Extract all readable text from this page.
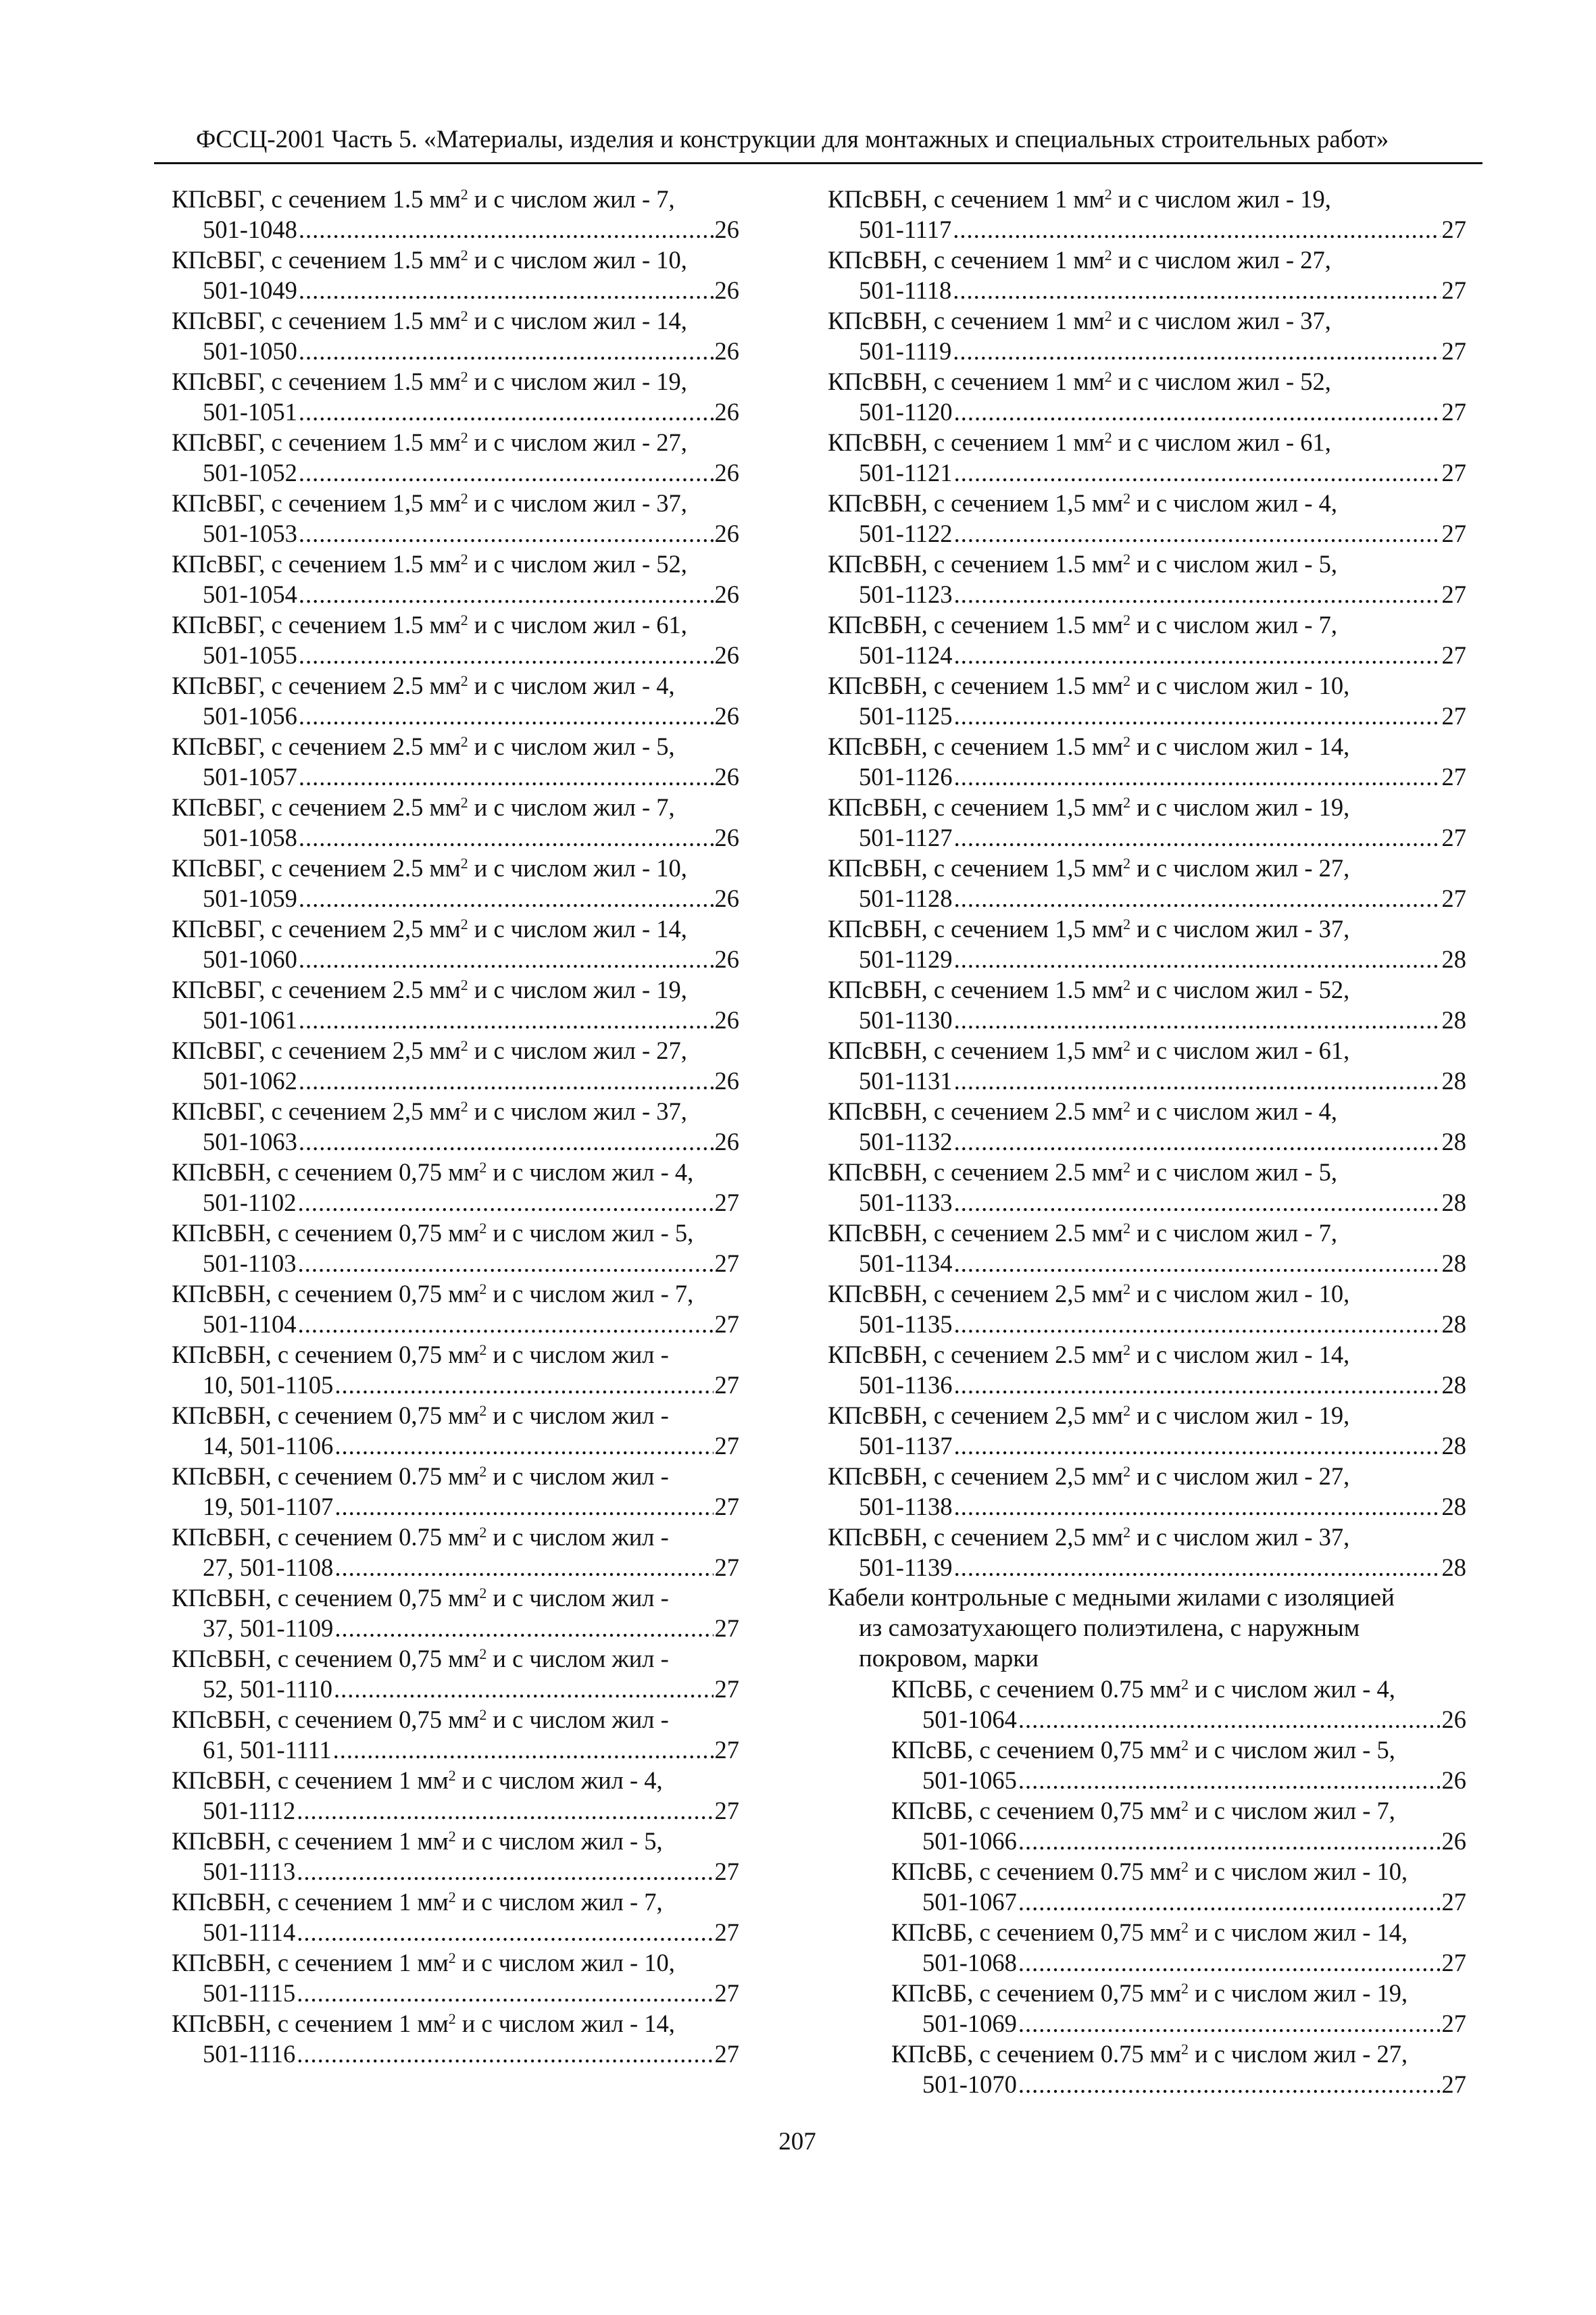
ФССЦ-2001 Часть 5. «Материалы, изделия и конструкции для монтажных и специальных строительных работ»
КПсВБГ, с сечением 1.5 $мм^2$ и с числом жил - 7,
501-1048 .....	26
КПсВБГ, с сечением 1.5 $мм^2$ и с числом жил - 10,
501-1049 .....	26
КПсВБГ, с сечением 1.5 $мм^2$ и с числом жил - 14,
501-1050 .....	26
КПсВБГ, с сечением 1.5 $мм^2$ и с числом жил - 19,
501-1051 .....	26
КПсВБГ, с сечением 1.5 $мм^2$ и с числом жил - 27,
501-1052 .....	26
КПсВБГ, с сечением 1,5 $мм^2$ и с числом жил - 37,
501-1053 .....	26
КПсВБГ, с сечением 1.5 $мм^2$ и с числом жил - 52,
501-1054 .....	26
КПсВБГ, с сечением 1.5 $мм^2$ и с числом жил - 61,
501-1055 .....	26
КПсВБГ, с сечением 2.5 $мм^2$ и с числом жил - 4,
501-1056 .....	26
КПсВБГ, с сечением 2.5 $мм^2$ и с числом жил - 5,
501-1057 .....	26
КПсВБГ, с сечением 2.5 $мм^2$ и с числом жил - 7,
501-1058 .....	26
КПсВБГ, с сечением 2.5 $мм^2$ и с числом жил - 10,
501-1059 .....	26
КПсВБГ, с сечением 2,5 $мм^2$ и с числом жил - 14,
501-1060 .....	26
КПсВБГ, с сечением 2.5 $мм^2$ и с числом жил - 19,
501-1061 .....	26
КПсВБГ, с сечением 2,5 $мм^2$ и с числом жил - 27,
501-1062 .....	26
КПсВБГ, с сечением 2,5 $мм^2$ и с числом жил - 37,
501-1063 .....	26
КПсВБН, с сечением 0,75 $мм^2$ и с числом жил - 4,
501-1102 .....	27
КПсВБН, с сечением 0,75 $мм^2$ и с числом жил - 5,
501-1103 .....	27
КПсВБН, с сечением 0,75 $мм^2$ и с числом жил - 7,
501-1104 .....	27
КПсВБН, с сечением 0,75 $мм^2$ и с числом жил -
10, 501-1105 .....	27
КПсВБН, с сечением 0,75 $мм^2$ и с числом жил -
14, 501-1106 .....	27
КПсВБН, с сечением 0.75 $мм^2$ и с числом жил -
19, 501-1107 .....	27
КПсВБН, с сечением 0.75 $мм^2$ и с числом жил -
27, 501-1108 .....	27
КПсВБН, с сечением 0,75 $мм^2$ и с числом жил -
37, 501-1109 .....	27
КПсВБН, с сечением 0,75 $мм^2$ и с числом жил -
52, 501-1110 .....	27
КПсВБН, с сечением 0,75 $мм^2$ и с числом жил -
61, 501-1111 .....	27
КПсВБН, с сечением 1 $мм^2$ и с числом жил - 4,
501-1112 .....	27
КПсВБН, с сечением 1 $мм^2$ и с числом жил - 5,
501-1113 .....	27
КПсВБН, с сечением 1 $мм^2$ и с числом жил - 7,
501-1114 .....	27
КПсВБН, с сечением 1 $мм^2$ и с числом жил - 10,
501-1115 .....	27
КПсВБН, с сечением 1 $мм^2$ и с числом жил - 14,
501-1116 .....	27
КПсВБН, с сечением 1 $мм^2$ и с числом жил - 19,
501-1117 .....	27
КПсВБН, с сечением 1 $мм^2$ и с числом жил - 27,
501-1118 .....	27
КПсВБН, с сечением 1 $мм^2$ и с числом жил - 37,
501-1119 .....	27
КПсВБН, с сечением 1 $мм^2$ и с числом жил - 52,
501-1120 .....	27
КПсВБН, с сечением 1 $мм^2$ и с числом жил - 61,
501-1121 .....	27
КПсВБН, с сечением 1,5 $мм^2$ и с числом жил - 4,
501-1122 .....	27
КПсВБН, с сечением 1.5 $мм^2$ и с числом жил - 5,
501-1123 .....	27
КПсВБН, с сечением 1.5 $мм^2$ и с числом жил - 7,
501-1124 .....	27
КПсВБН, с сечением 1.5 $мм^2$ и с числом жил - 10,
501-1125 .....	27
КПсВБН, с сечением 1.5 $мм^2$ и с числом жил - 14,
501-1126 .....	27
КПсВБН, с сечением 1,5 $мм^2$ и с числом жил - 19,
501-1127 .....	27
КПсВБН, с сечением 1,5 $мм^2$ и с числом жил - 27,
501-1128 .....	27
КПсВБН, с сечением 1,5 $мм^2$ и с числом жил - 37,
501-1129 .....	28
КПсВБН, с сечением 1.5 $мм^2$ и с числом жил - 52,
501-1130 .....	28
КПсВБН, с сечением 1,5 $мм^2$ и с числом жил - 61,
501-1131 .....	28
КПсВБН, с сечением 2.5 $мм^2$ и с числом жил - 4,
501-1132 .....	28
КПсВБН, с сечением 2.5 $мм^2$ и с числом жил - 5,
501-1133 .....	28
КПсВБН, с сечением 2.5 $мм^2$ и с числом жил - 7,
501-1134 .....	28
КПсВБН, с сечением 2,5 $мм^2$ и с числом жил - 10,
501-1135 .....	28
КПсВБН, с сечением 2.5 $мм^2$ и с числом жил - 14,
501-1136 .....	28
КПсВБН, с сечением 2,5 $мм^2$ и с числом жил - 19,
501-1137 .....	28
КПсВБН, с сечением 2,5 $мм^2$ и с числом жил - 27,
501-1138 .....	28
КПсВБН, с сечением 2,5 $мм^2$ и с числом жил - 37,
501-1139 .....	28
Кабели контрольные с медными жилами с изоляцией
из самозатухающего полиэтилена, с наружным
покровом, марки
КПсВБ, с сечением 0.75 $мм^2$ и с числом жил - 4,
501-1064 .....	26
КПсВБ, с сечением 0,75 $мм^2$ и с числом жил - 5,
501-1065 .....	26
КПсВБ, с сечением 0,75 $мм^2$ и с числом жил - 7,
501-1066 .....	26
КПсВБ, с сечением 0.75 $мм^2$ и с числом жил - 10,
501-1067 .....	27
КПсВБ, с сечением 0,75 $мм^2$ и с числом жил - 14,
501-1068 .....	27
КПсВБ, с сечением 0,75 $мм^2$ и с числом жил - 19,
501-1069 .....	27
КПсВБ, с сечением 0.75 $мм^2$ и с числом жил - 27,
501-1070 .....	27
207
